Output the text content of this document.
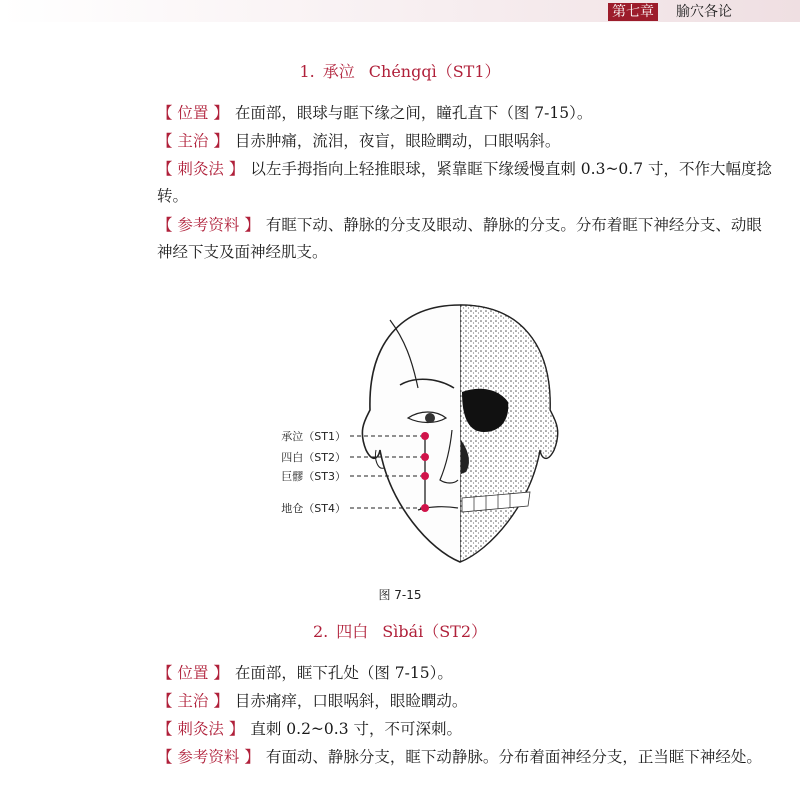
第七章 腧穴各论
1. 承泣 Chéngqì（ST1）
【 位置 】 在面部，眼球与眶下缘之间，瞳孔直下（图 7-15）。
【 主治 】 目赤肿痛，流泪，夜盲，眼睑瞤动，口眼㖞斜。
【 刺灸法 】 以左手拇指向上轻推眼球，紧靠眶下缘缓慢直刺 0.3~0.7 寸，不作大幅度捻转。
【 参考资料 】 有眶下动、静脉的分支及眼动、静脉的分支。分布着眶下神经分支、动眼神经下支及面神经肌支。
承泣（ST1）
四白（ST2）
巨髎（ST3）
地仓（ST4）
图 7-15
2. 四白 Sìbái（ST2）
【 位置 】 在面部，眶下孔处（图 7-15）。
【 主治 】 目赤痛痒，口眼㖞斜，眼睑瞤动。
【 刺灸法 】 直刺 0.2~0.3 寸，不可深刺。
【 参考资料 】 有面动、静脉分支，眶下动静脉。分布着面神经分支，正当眶下神经处。
